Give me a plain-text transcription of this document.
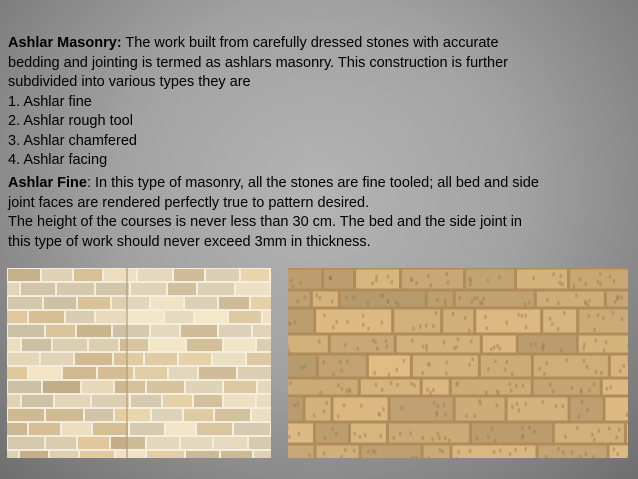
Ashlar Masonry: The work built from carefully dressed stones with accurate
bedding and jointing is termed as ashlars masonry. This construction is further
subdivided into various types they are
1. Ashlar fine
2. Ashlar rough tool
3. Ashlar chamfered
4. Ashlar facing
Ashlar Fine: In this type of masonry, all the stones are fine tooled; all bed and side
joint faces are rendered perfectly true to pattern desired.
The height of the courses is never less than 30 cm. The bed and the side joint in
this type of work should never exceed 3mm in thickness.
